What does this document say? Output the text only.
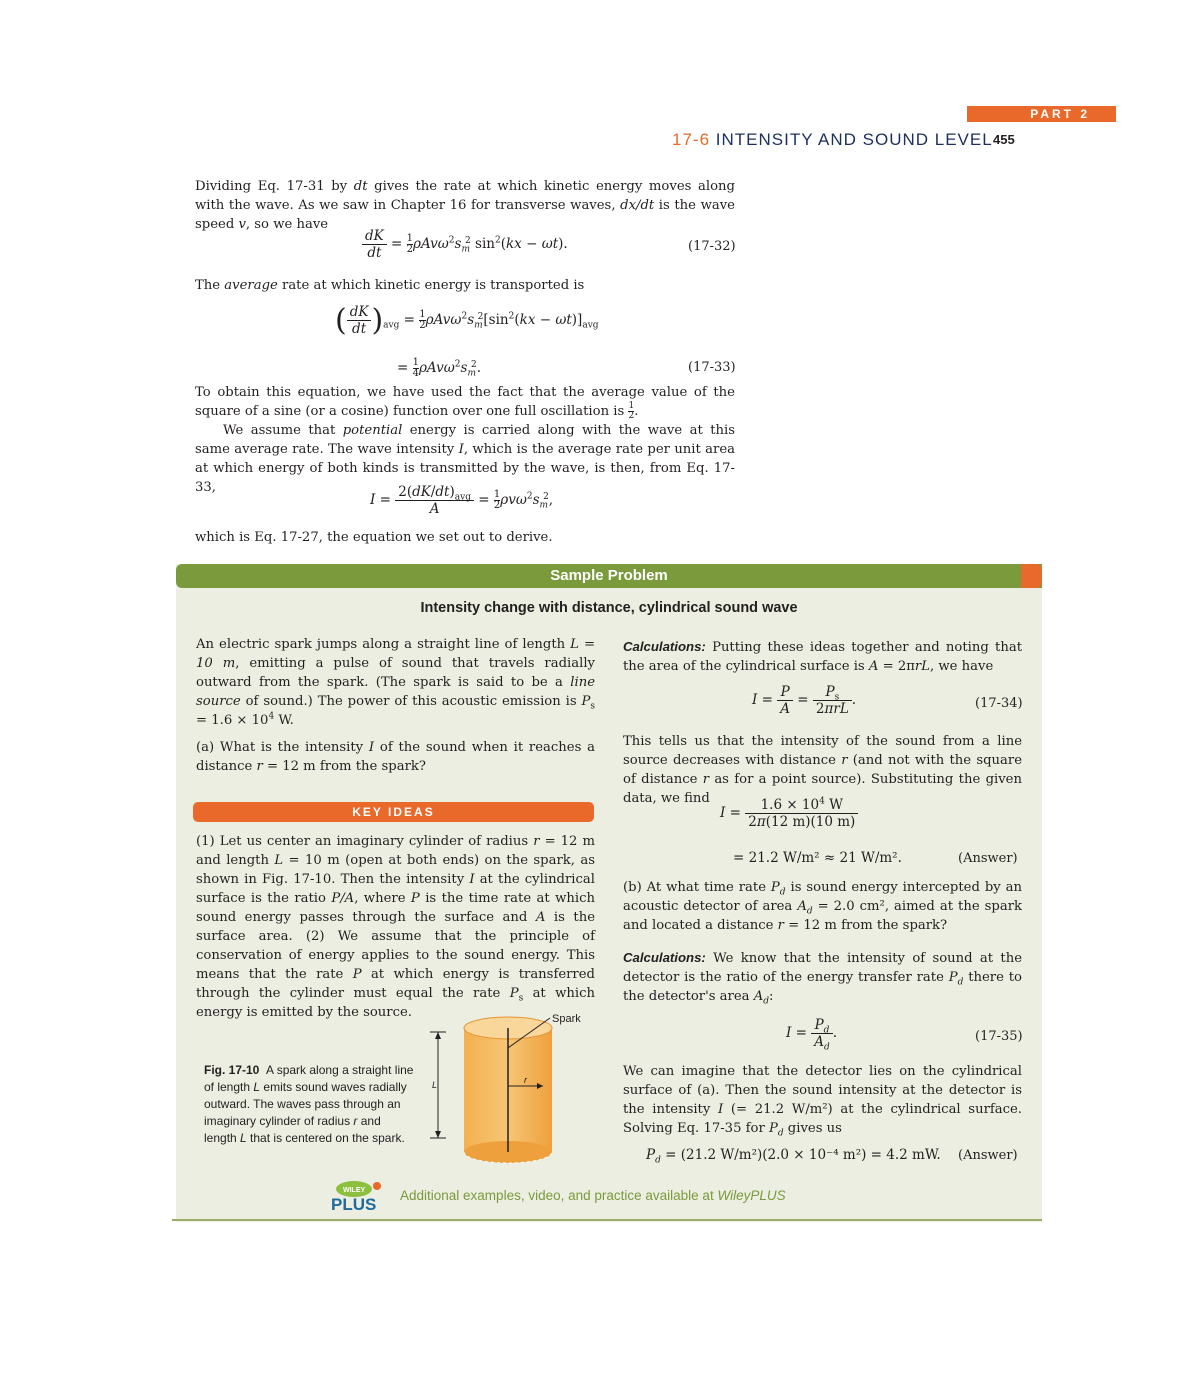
PART 2
17-6 INTENSITY AND SOUND LEVEL 455
Dividing Eq. 17-31 by dt gives the rate at which kinetic energy moves along with the wave. As we saw in Chapter 16 for transverse waves, dx/dt is the wave speed v, so we have
$\frac{dK}{dt} = 1$
$2\rho Av\omega^2s_m^2$ $\sin^2(kx - \omega t)$.	(17-32)
The average rate at which kinetic energy is transported is
( $\frac{dK}{dt} )_{avg} = 1$
$2\rho Av\omega^2s_m^2[\sin^2(kx - \omega t)]_{avg}$
= 1
$4\rho Av\omega^2s_m^2$.	(17-33)
To obtain this equation, we have used the fact that the average value of the square of a sine (or a cosine) function over one full oscillation is 1
2.
We assume that potential energy is carried along with the wave at this same average rate. The wave intensity I, which is the average rate per unit area at which energy of both kinds is transmitted by the wave, is then, from Eq. 17-33,
$I = \frac{2(dK/dt)_{avg}}{A} = 1$
$2\rho v\omega^2s_m^2$,
which is Eq. 17-27, the equation we set out to derive.
Sample Problem
Intensity change with distance, cylindrical sound wave
An electric spark jumps along a straight line of length L = 10 m, emitting a pulse of sound that travels radially outward from the spark. (The spark is said to be a line source of sound.) The power of this acoustic emission is $P_s = 1.6 \times 10^4$ W.
(a) What is the intensity I of the sound when it reaches a distance r = 12 m from the spark?
KEY IDEAS
(1) Let us center an imaginary cylinder of radius r = 12 m and length L = 10 m (open at both ends) on the spark, as shown in Fig. 17-10. Then the intensity I at the cylindrical surface is the ratio P/A, where P is the time rate at which sound energy passes through the surface and A is the surface area. (2) We assume that the principle of conservation of energy applies to the sound energy. This means that the rate P at which energy is transferred through the cylinder must equal the rate $P_s$ at which energy is emitted by the source.
Fig. 17-10 A spark along a straight line of length L emits sound waves radially outward. The waves pass through an imaginary cylinder of radius r and length L that is centered on the spark.
L	r
Spark
Calculations: Putting these ideas together and noting that the area of the cylindrical surface is A = 2πrL, we have
$I = \frac{P}{A} = \frac{P_s}{\text{2πrL}}$ .	(17-34)
This tells us that the intensity of the sound from a line source decreases with distance r (and not with the square of distance r as for a point source). Substituting the given data, we find
$I = \frac{1.6 \times 10^4 W}{2\pi(12 m)(10 m)}$
= 21.2 W/m² ≈ 21 W/m².	(Answer)
(b) At what time rate $P_d$ is sound energy intercepted by an acoustic detector of area $A_d = 2.0$ cm², aimed at the spark and located a distance r = 12 m from the spark?
Calculations: We know that the intensity of sound at the detector is the ratio of the energy transfer rate $P_d$ there to the detector's area $A_d$:
$I = \frac{P_d}{A_d}$ .	(17-35)
We can imagine that the detector lies on the cylindrical surface of (a). Then the sound intensity at the detector is the intensity I (= 21.2 W/m²) at the cylindrical surface. Solving Eq. 17-35 for $P_d$ gives us
$P_d = (21.2$ W/m²)(2.0 × 10⁻⁴ m²) = 4.2 mW. (Answer)
WILEY
PLUS Additional examples, video, and practice available at WileyPLUS
